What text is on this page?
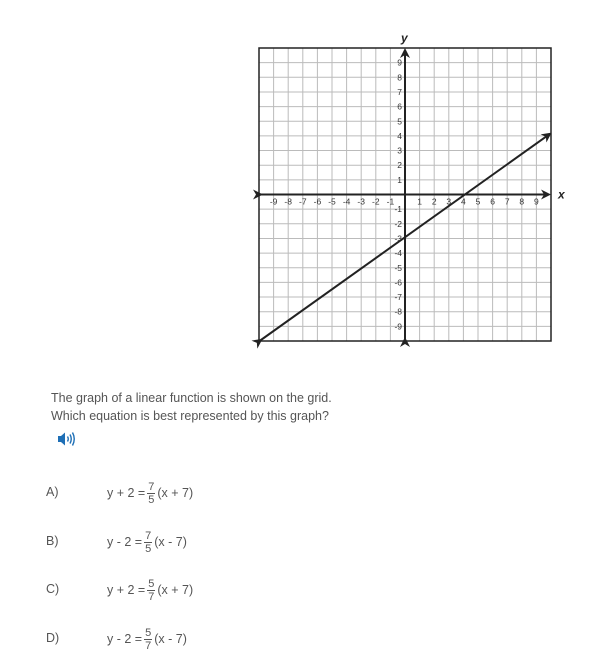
-9 -8 -7 -6 -5 -4 -3 -2 -1	1 2 3 4 5 6 7 8 9
9
8
7
6
5
4
3
2
1
-1
-2
-3
-4
-5
-6
-7
-8
-9
x
y
The graph of a linear function is shown on the grid.
Which equation is best represented by this graph?
A)	$y + 2 = \frac{7}{5} (x + 7)$
B)	$y - 2 = \frac{7}{5} (x - 7)$
C)	$y + 2 = \frac{5}{7} (x + 7)$
D)	$y - 2 = \frac{5}{7} (x - 7)$
